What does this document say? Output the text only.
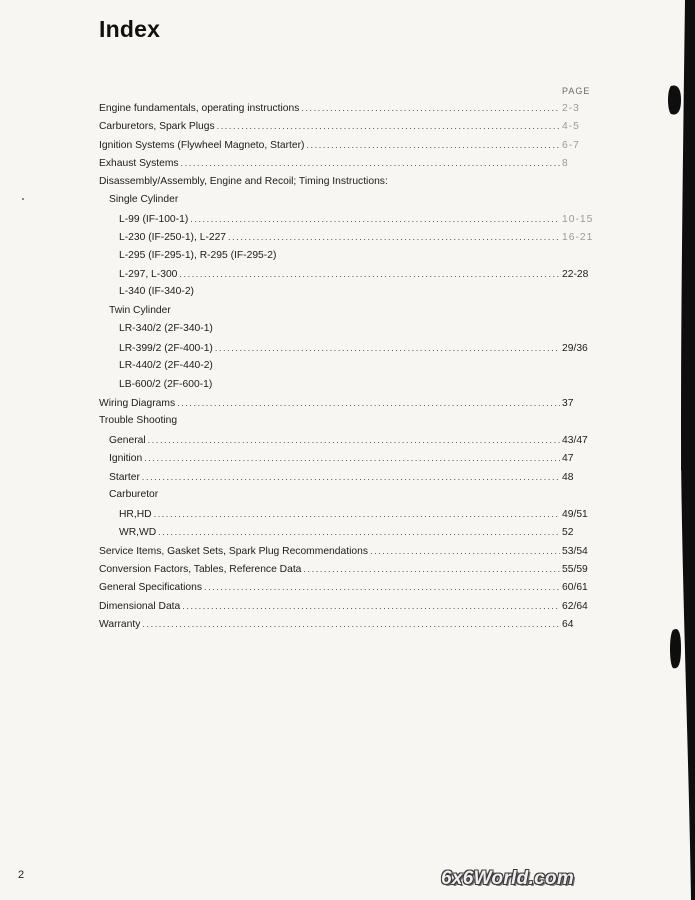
Index
PAGE
Engine fundamentals, operating instructions .....	2-3
Carburetors, Spark Plugs .....	4-5
Ignition Systems (Flywheel Magneto, Starter) .....	6-7
Exhaust Systems .....	8
Disassembly/Assembly, Engine and Recoil; Timing Instructions:
Single Cylinder
L-99 (IF-100-1) .....	10-15
L-230 (IF-250-1), L-227 .....	16-21
L-295 (IF-295-1), R-295 (IF-295-2)
L-297, L-300 .....	22-28
L-340 (IF-340-2)
Twin Cylinder
LR-340/2 (2F-340-1)
LR-399/2 (2F-400-1) .....	29/36
LR-440/2 (2F-440-2)
LB-600/2 (2F-600-1)
Wiring Diagrams .....	37
Trouble Shooting
General .....	43/47
Ignition .....	47
Starter .....	48
Carburetor
HR,HD .....	49/51
WR,WD .....	52
Service Items, Gasket Sets, Spark Plug Recommendations .....	53/54
Conversion Factors, Tables, Reference Data .....	55/59
General Specifications .....	60/61
Dimensional Data .....	62/64
Warranty .....	64
2	6x6World.com
